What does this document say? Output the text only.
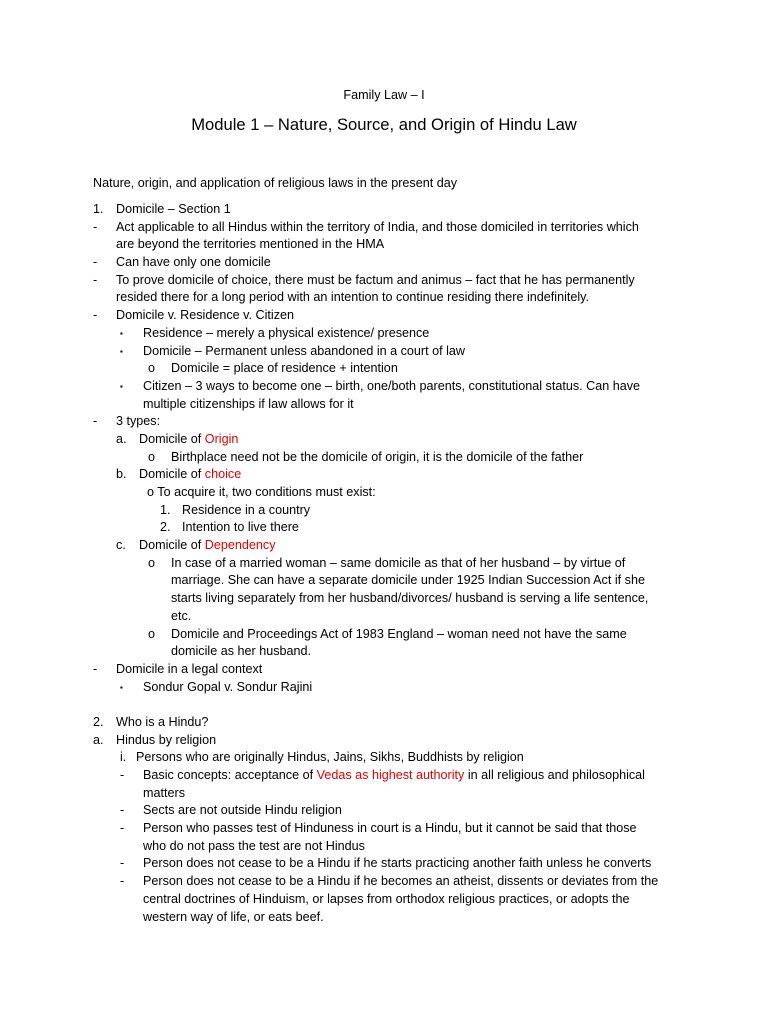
Family Law – I
Module 1 – Nature, Source, and Origin of Hindu Law
Nature, origin, and application of religious laws in the present day
1. Domicile – Section 1
- Act applicable to all Hindus within the territory of India, and those domiciled in territories which
are beyond the territories mentioned in the HMA
- Can have only one domicile
- To prove domicile of choice, there must be factum and animus – fact that he has permanently
resided there for a long period with an intention to continue residing there indefinitely.
- Domicile v. Residence v. Citizen
▪ Residence – merely a physical existence/ presence
▪ Domicile – Permanent unless abandoned in a court of law
o Domicile = place of residence + intention
▪ Citizen – 3 ways to become one – birth, one/both parents, constitutional status. Can have
multiple citizenships if law allows for it
- 3 types:
a. Domicile of Origin
o Birthplace need not be the domicile of origin, it is the domicile of the father
b. Domicile of choice
o To acquire it, two conditions must exist:
1. Residence in a country
2. Intention to live there
c. Domicile of Dependency
o In case of a married woman – same domicile as that of her husband – by virtue of
marriage. She can have a separate domicile under 1925 Indian Succession Act if she
starts living separately from her husband/divorces/ husband is serving a life sentence,
etc.
o Domicile and Proceedings Act of 1983 England – woman need not have the same
domicile as her husband.
- Domicile in a legal context
▪ Sondur Gopal v. Sondur Rajini
2. Who is a Hindu?
a. Hindus by religion
i. Persons who are originally Hindus, Jains, Sikhs, Buddhists by religion
- Basic concepts: acceptance of Vedas as highest authority in all religious and philosophical
matters
- Sects are not outside Hindu religion
- Person who passes test of Hinduness in court is a Hindu, but it cannot be said that those
who do not pass the test are not Hindus
- Person does not cease to be a Hindu if he starts practicing another faith unless he converts
- Person does not cease to be a Hindu if he becomes an atheist, dissents or deviates from the
central doctrines of Hinduism, or lapses from orthodox religious practices, or adopts the
western way of life, or eats beef.
